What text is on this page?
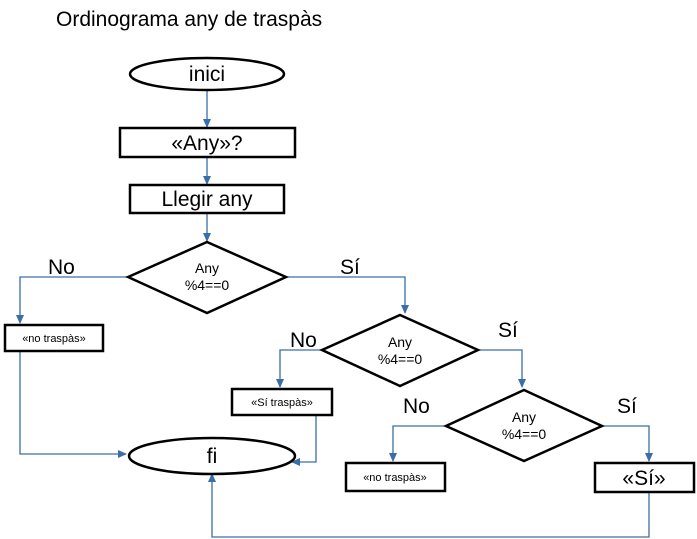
Ordinograma any de traspàs
inici
«Any»?
Llegir any
Any
%4==0
No	Sí
«no traspàs»	Any
%4==0
No	Sí
«Sí traspàs»
Any
%4==0
No	Sí
fi
«no traspàs»	«Sí»
